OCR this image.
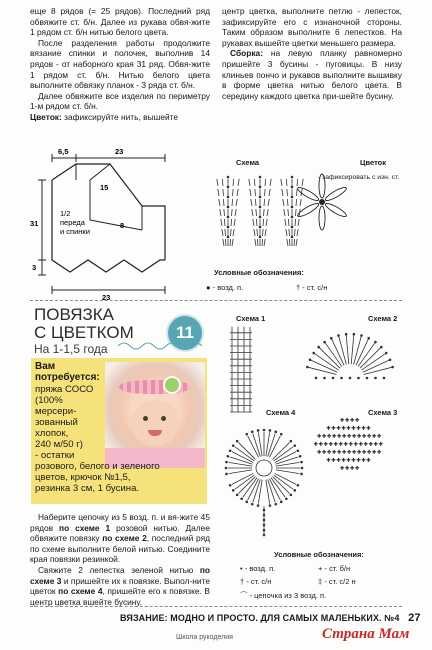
еще 8 рядов (= 25 рядов). Последний ряд обвяжите ст. б/н. Далее из рукава обвя-жите 1 рядом ст. б/н нитью белого цвета.

После разделения работы продолжите вязание спинки и полочек, выполнив 14 рядов - от наборного края 31 ряд. Обвя-жите 1 рядом ст. б/н. Нитью белого цвета выполните обвязку планок - 3 ряда ст. б/н.

Далее обвяжите все изделия по периметру 1-м рядом ст. б/н.

Цветок: зафиксируйте нить, вышейте

центр цветка, выполните петлю - лепесток, зафиксируйте его с изнаночной стороны. Таким образом выполните 6 лепестков. На рукавах вышейте цветки меньшего размера.

Сборка: на левую планку равномерно пришейте 3 бусины - пуговицы. В низу клиньев пончо и рукавов выполните вышивку в форме цветка нитью белого цвета. В середину каждого цветка при-шейте бусину.

6,5	23
15
31	8
3
23
1/2
переда
и спинки
Схема	Цветок
- зафиксировать с изн. ст.
Условные обозначения:
● - возд. п.	† - ст. с/н
ПОВЯЗКА
С ЦВЕТКОМ
На 1-1,5 года
11
Вам потребуется:
пряжа СОСО
(100%
мерсери-
зованный
хлопок,
240 м/50 г)
- остатки
розового, белого и зеленого
цветов, крючок №1,5,
резинка 3 см, 1 бусина.

Наберите цепочку из 5 возд. п. и вя-жите 45 рядов по схеме 1 розовой нитью. Далее обвяжите повязку по схеме 2, последний ряд по схеме выполните белой нитью. Соедините края повязки резинкой.

Свяжите 2 лепестка зеленой нитью по схеме 3 и пришейте их к повязке. Выпол-ните цветок по схеме 4, пришейте его к повязке. В центр цветка вшейте бусину.

Схема 1	Схема 2
Схема 3
+ + + +
+ + + + + + + + +
+ + + + + + + + + + + + +
+ + + + + + + + + + + + + +
+ + + + + + + + + + + + +
+ + + + + + + + +
+ + + +
Схема 4
Условные обозначения:
• - возд. п.	+ - ст. б/н
† - ст. с/н	‡ - ст. с/2 н
⌒ - цепочка из 3 возд. п.
ВЯЗАНИЕ: МОДНО И ПРОСТО. ДЛЯ САМЫХ МАЛЕНЬКИХ. №4 27
Школа рукоделия	Страна Мам
